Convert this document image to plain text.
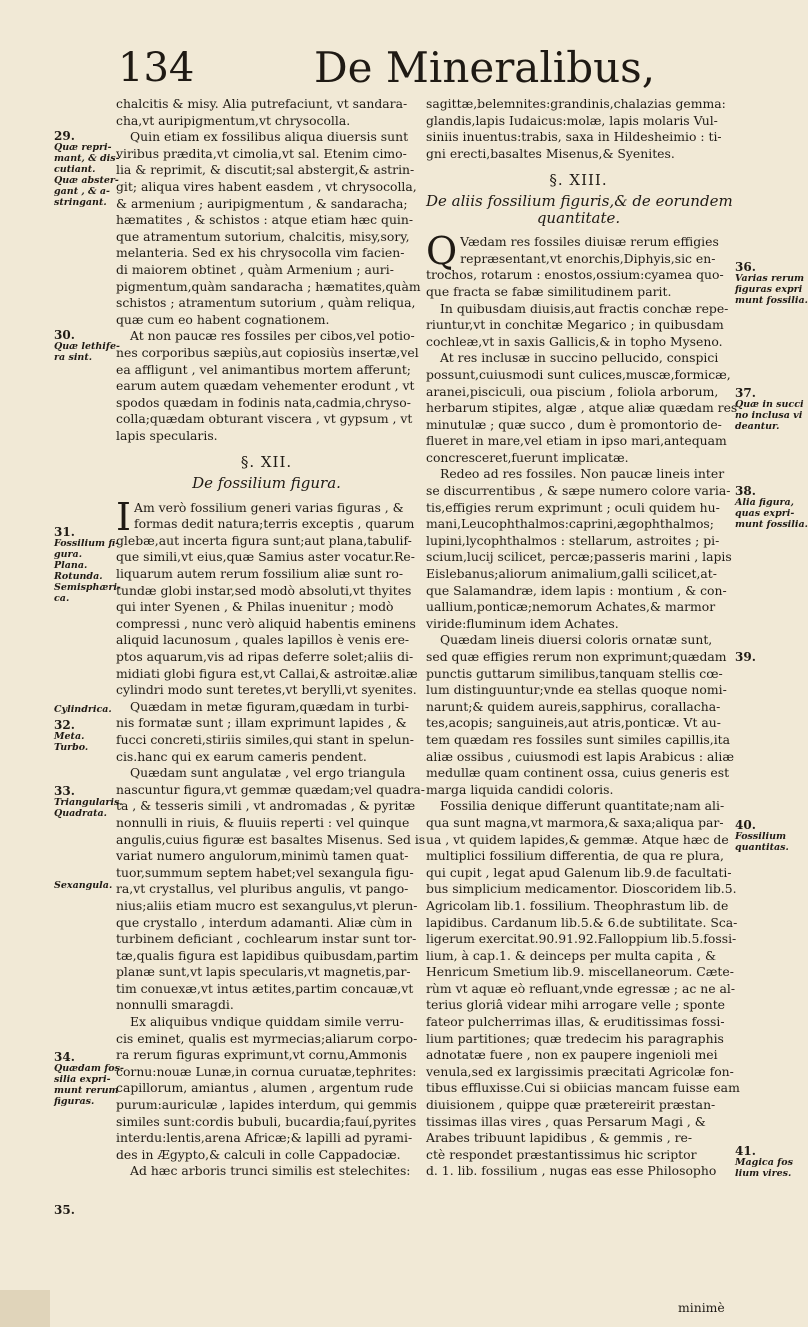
134	De Mineralibus,
chalcitis & misy. Alia putrefaciunt, vt sandara-
cha,vt auripigmentum,vt chrysocolla.
Quin etiam ex fossilibus aliqua diuersis sunt
viribus prædita,vt cimolia,vt sal. Etenim cimo-
lia & reprimit, & discutit;sal abstergit,& astrin-
git; aliqua vires habent easdem , vt chrysocolla,
& armenium ; auripigmentum , & sandaracha;
hæmatites , & schistos : atque etiam hæc quin-
que atramentum sutorium, chalcitis, misy,sory,
melanteria. Sed ex his chrysocolla vim facien-
di maiorem obtinet , quàm Armenium ; auri-
pigmentum,quàm sandaracha ; hæmatites,quàm
schistos ; atramentum sutorium , quàm reliqua,
quæ cum eo habent cognationem.
At non paucæ res fossiles per cibos,vel potio-
nes corporibus sæpiùs,aut copiosiùs insertæ,vel
ea affligunt , vel animantibus mortem afferunt;
earum autem quædam vehementer erodunt , vt
spodos quædam in fodinis nata,cadmia,chryso-
colla;quædam obturant viscera , vt gypsum , vt
lapis specularis.
§. XII.
De fossilium figura.
I Am verò fossilium generi varias figuras , &
formas dedit natura;terris exceptis , quarum
glebæ,aut incerta figura sunt;aut plana,tabulif-
que simili,vt eius,quæ Samius aster vocatur.Re-
liquarum autem rerum fossilium aliæ sunt ro-
tundæ globi instar,sed modò absoluti,vt thyites
qui inter Syenen , & Philas inuenitur ; modò
compressi , nunc verò aliquid habentis eminens
aliquid lacunosum , quales lapillos è venis ere-
ptos aquarum,vis ad ripas deferre solet;aliis di-
midiati globi figura est,vt Callai,& astroitæ.aliæ
cylindri modo sunt teretes,vt berylli,vt syenites.
Quædam in metæ figuram,quædam in turbi-
nis formatæ sunt ; illam exprimunt lapides , &
fucci concreti,stiriis similes,qui stant in spelun-
cis.hanc qui ex earum cameris pendent.
Quædam sunt angulatæ , vel ergo triangula
nascuntur figura,vt gemmæ quædam;vel quadra-
ta , & tesseris simili , vt andromadas , & pyritæ
nonnulli in riuis, & fluuiis reperti : vel quinque
angulis,cuius figuræ est basaltes Misenus. Sed is
variat numero angulorum,minimù tamen quat-
tuor,summum septem habet;vel sexangula figu-
ra,vt crystallus, vel pluribus angulis, vt pango-
nius;aliis etiam mucro est sexangulus,vt plerun-
que crystallo , interdum adamanti. Aliæ cùm in
turbinem deficiant , cochlearum instar sunt tor-
tæ,qualis figura est lapidibus quibusdam,partim
planæ sunt,vt lapis specularis,vt magnetis,par-
tim conuexæ,vt intus ætites,partim concauæ,vt
nonnulli smaragdi.
Ex aliquibus vndique quiddam simile verru-
cis eminet, qualis est myrmecias;aliarum corpo-
ra rerum figuras exprimunt,vt cornu,Ammonis
cornu:nouæ Lunæ,in cornua curuatæ,tephrites:
capillorum, amiantus , alumen , argentum rude
purum:auriculæ , lapides interdum, qui gemmis
similes sunt:cordis bubuli, bucardia;fauí,pyrites
interdu:lentis,arena Africæ;& lapilli ad pyrami-
des in Ægypto,& calculi in colle Cappadociæ.
Ad hæc arboris trunci similis est stelechites:
sagittæ,belemnites:grandinis,chalazias gemma:
glandis,lapis Iudaicus:molæ, lapis molaris Vul-
siniis inuentus:trabis, saxa in Hildesheimio : ti-
gni erecti,basaltes Misenus,& Syenites.
§. XIII.
De aliis fossilium figuris,& de eorundem
quantitate.
Q Vædam res fossiles diuisæ rerum effigies
repræsentant,vt enorchis,Diphyis,sic en-
trochos, rotarum : enostos,ossium:cyamea quo-
que fracta se fabæ similitudinem parit.
In quibusdam diuisis,aut fractis conchæ repe-
riuntur,vt in conchitæ Megarico ; in quibusdam
cochleæ,vt in saxis Gallicis,& in topho Myseno.
At res inclusæ in succino pellucido, conspici
possunt,cuiusmodi sunt culices,muscæ,formicæ,
aranei,pisciculi, oua piscium , foliola arborum,
herbarum stipites, algæ , atque aliæ quædam res
minutulæ ; quæ succo , dum è promontorio de-
flueret in mare,vel etiam in ipso mari,antequam
concresceret,fuerunt implicatæ.
Redeo ad res fossiles. Non paucæ lineis inter
se discurrentibus , & sæpe numero colore varia-
tis,effigies rerum exprimunt ; oculi quidem hu-
mani,Leucophthalmos:caprini,ægophthalmos;
lupini,lycophthalmos : stellarum, astroites ; pi-
scium,lucij scilicet, percæ;passeris marini , lapis
Eislebanus;aliorum animalium,galli scilicet,at-
que Salamandræ, idem lapis : montium , & con-
uallium,ponticæ;nemorum Achates,& marmor
viride:fluminum idem Achates.
Quædam lineis diuersi coloris ornatæ sunt,
sed quæ effigies rerum non exprimunt;quædam
punctis guttarum similibus,tanquam stellis cœ-
lum distinguuntur;vnde ea stellas quoque nomi-
narunt;& quidem aureis,sapphirus, corallacha-
tes,acopis; sanguineis,aut atris,ponticæ. Vt au-
tem quædam res fossiles sunt similes capillis,ita
aliæ ossibus , cuiusmodi est lapis Arabicus : aliæ
medullæ quam continent ossa, cuius generis est
marga liquida candidi coloris.
Fossilia denique differunt quantitate;nam ali-
qua sunt magna,vt marmora,& saxa;aliqua par-
ua , vt quidem lapides,& gemmæ. Atque hæc de
multiplici fossilium differentia, de qua re plura,
qui cupit , legat apud Galenum lib.9.de facultati-
bus simplicium medicamentor. Dioscoridem lib.5.
Agricolam lib.1. fossilium. Theophrastum lib. de
lapidibus. Cardanum lib.5.& 6.de subtilitate. Sca-
ligerum exercitat.90.91.92.Falloppium lib.5.fossi-
lium, à cap.1. & deinceps per multa capita , &
Henricum Smetium lib.9. miscellaneorum. Cæte-
rùm vt aquæ eò refluant,vnde egressæ ; ac ne al-
terius gloriâ videar mihi arrogare velle ; sponte
fateor pulcherrimas illas, & eruditissimas fossi-
lium partitiones; quæ tredecim his paragraphis
adnotatæ fuere , non ex paupere ingenioli mei
venula,sed ex largissimis præcitati Agricolæ fon-
tibus effluxisse.Cui si obiicias mancam fuisse eam
diuisionem , quippe quæ prætereirit præstan-
tissimas illas vires , quas Persarum Magi , &
Arabes tribuunt lapidibus , & gemmis , re-
ctè respondet præstantissimus hic scriptor
d. 1. lib. fossilium , nugas eas esse Philosopho
29.
Quæ repri-
mant, & dis-
cutiant.
Quæ abster-
gant , & a-
stringant.
30.
Quæ lethife-
ra sint.
31.
Fossilium fi-
gura.
Plana.
Rotunda.
Semisphæri-
ca.
Cylindrica.
32.
Meta.
Turbo.
33.
Triangularis.
Quadrata.
Sexangula.
34.
Quædam fos-
silia expri-
munt rerum
figuras.
35.
36.
Varias rerum
figuras expri
munt fossilia.
37.
Quæ in succi
no inclusa vi
deantur.
38.
Alia figura,
quas expri-
munt fossilia.
39.
40.
Fossilium
quantitas.
41.
Magica fos
lium vires.
minimè
